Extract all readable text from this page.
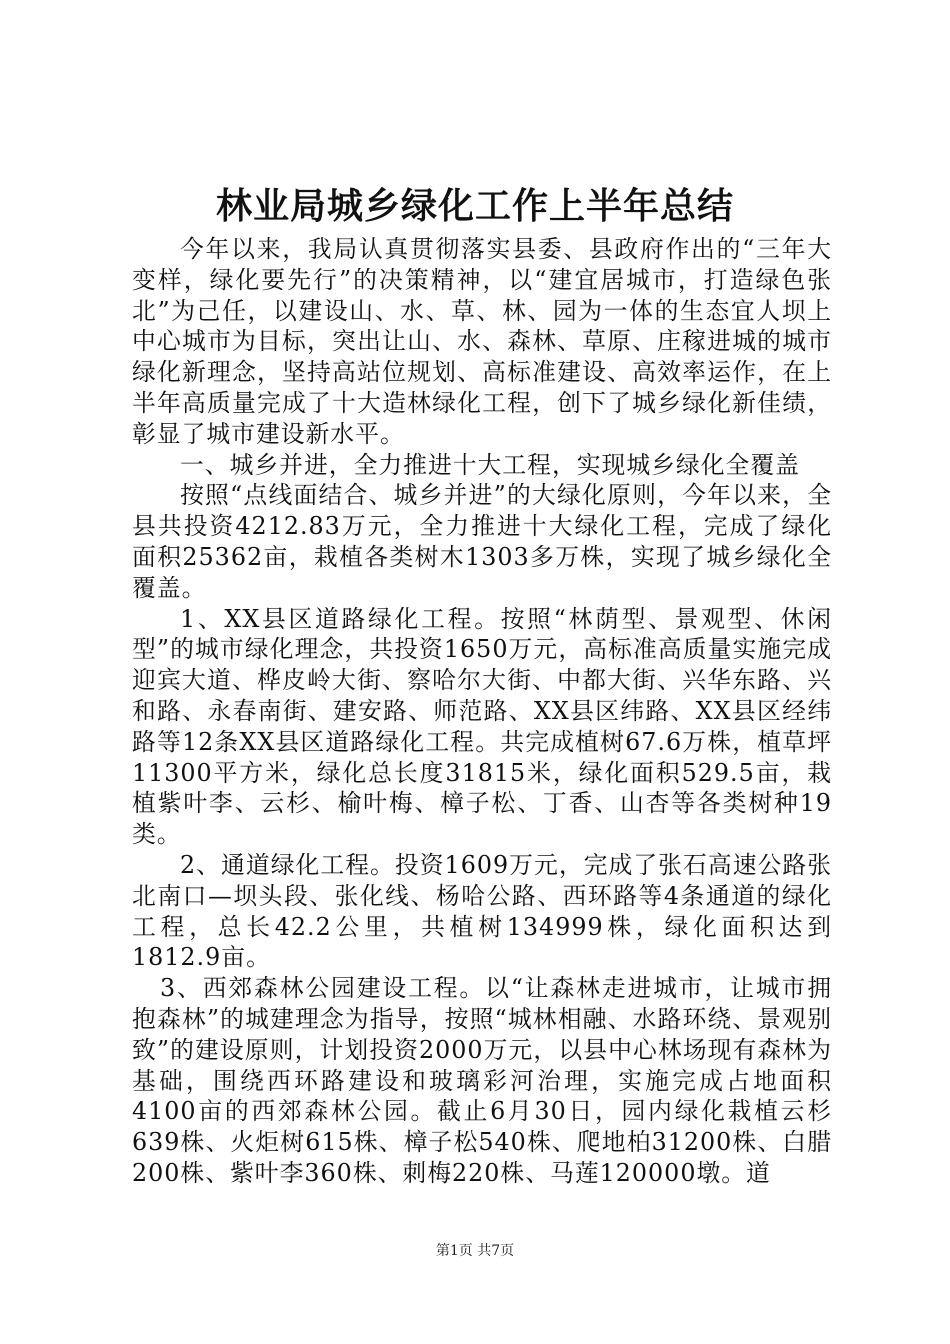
林业局城乡绿化工作上半年总结

今年以来，我局认真贯彻落实县委、县政府作出的“三年大变样，绿化要先行”的决策精神，以“建宜居城市，打造绿色张北”为己任，以建设山、水、草、林、园为一体的生态宜人坝上中心城市为目标，突出让山、水、森林、草原、庄稼进城的城市绿化新理念，坚持高站位规划、高标准建设、高效率运作，在上半年高质量完成了十大造林绿化工程，创下了城乡绿化新佳绩，彰显了城市建设新水平。

一、城乡并进，全力推进十大工程，实现城乡绿化全覆盖

按照“点线面结合、城乡并进”的大绿化原则，今年以来，全县共投资4212.83万元，全力推进十大绿化工程，完成了绿化面积25362亩，栽植各类树木1303多万株，实现了城乡绿化全覆盖。

1、XX县区道路绿化工程。按照“林荫型、景观型、休闲型”的城市绿化理念，共投资1650万元，高标准高质量实施完成迎宾大道、桦皮岭大街、察哈尔大街、中都大街、兴华东路、兴和路、永春南街、建安路、师范路、XX县区纬路、XX县区经纬路等12条XX县区道路绿化工程。共完成植树67.6万株，植草坪11300平方米，绿化总长度31815米，绿化面积529.5亩，栽植紫叶李、云杉、榆叶梅、樟子松、丁香、山杏等各类树种19类。

2、通道绿化工程。投资1609万元，完成了张石高速公路张北南口—坝头段、张化线、杨哈公路、西环路等4条通道的绿化工程，总长42.2公里，共植树134999株，绿化面积达到1812.9亩。

3、西郊森林公园建设工程。以“让森林走进城市，让城市拥抱森林”的城建理念为指导，按照“城林相融、水路环绕、景观别致”的建设原则，计划投资2000万元，以县中心林场现有森林为基础，围绕西环路建设和玻璃彩河治理，实施完成占地面积4100亩的西郊森林公园。截止6月30日，园内绿化栽植云杉639株、火炬树615株、樟子松540株、爬地柏31200株、白腊200株、紫叶李360株、刺梅220株、马莲120000墩。道

第1页 共7页
